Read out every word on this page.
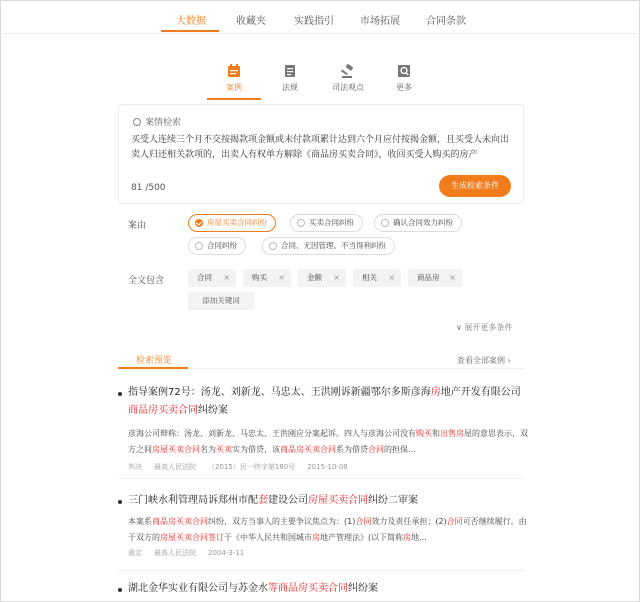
大数据	收藏夹	实践指引	市场拓展	合同条款
案例	法规	司法观点	更多
案情检索
买受人连续三个月不交按揭款项金额或未付款项累计达到六个月应付按揭金额，且买受人未向出卖人归还相关款项的，出卖人有权单方解除《商品房买卖合同》，收回买受人购买的房产
81 /500	生成检索条件
案由	房屋买卖合同纠纷	买卖合同纠纷	确认合同效力纠纷
合同纠纷	合同、无因管理、不当得利纠纷
全文包含	合同 ×	购买 ×	金额 ×	相关 ×	商品房 ×
添加关键词
∨ 展开更多条件
检索预览	查看全部案例 ›
指导案例72号：汤龙、刘新龙、马忠太、王洪刚诉新疆鄂尔多斯彦海房地产开发有限公司商品房买卖合同纠纷案
彦海公司辩称：汤龙、刘新龙、马忠太、王洪刚应分案起诉。四人与彦海公司没有购买和出售房屋的意思表示，双方之间房屋买卖合同名为买卖实为借贷，该商品房买卖合同系为借贷合同的担保...
判决 最高人民法院 （2015）民一终字第180号 2015-10-08
三门峡水利管理局诉郑州市配套建设公司房屋买卖合同纠纷二审案
本案系商品房买卖合同纠纷，双方当事人的主要争议焦点为：(1)合同效力及责任承担；(2)合同可否继续履行。由于双方的房屋买卖合同签订于《中华人民共和国城市房地产管理法》(以下简称房地...
裁定 最高人民法院 2004-3-11
湖北金华实业有限公司与苏金水等商品房买卖合同纠纷案
